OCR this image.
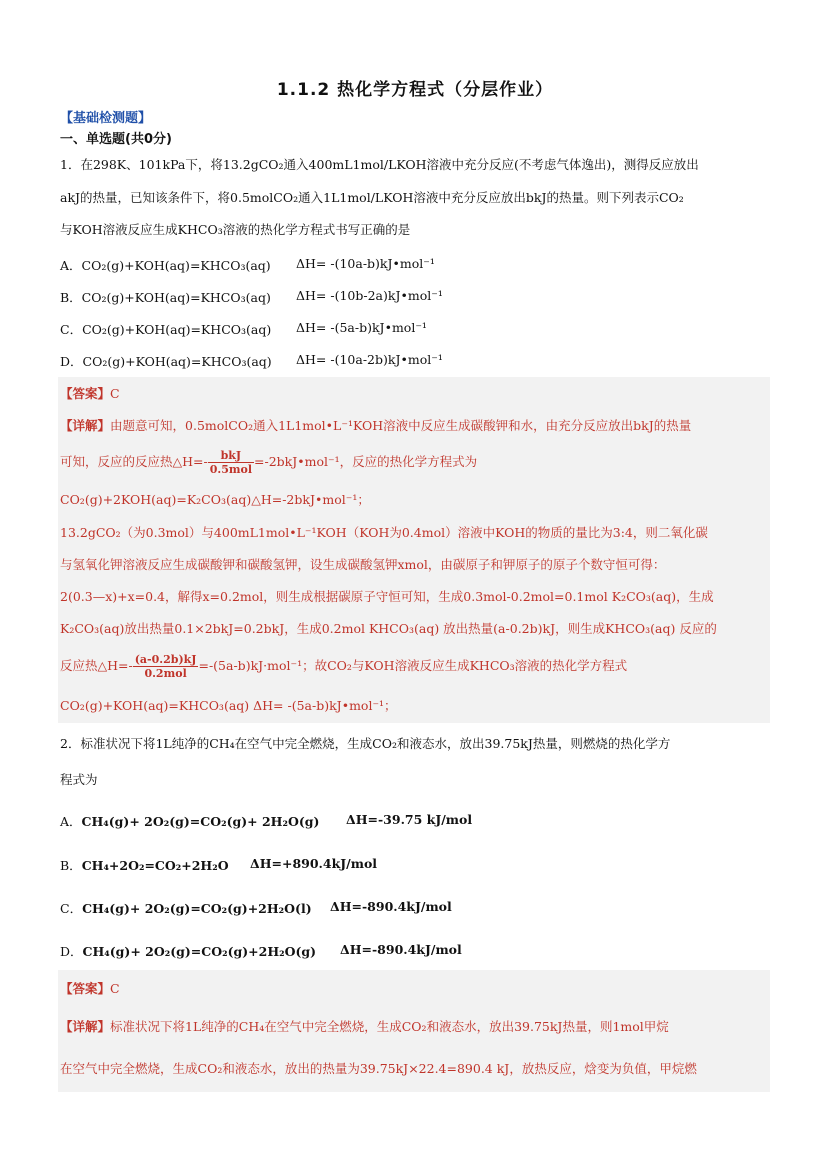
1.1.2 热化学方程式（分层作业）
【基础检测题】
一、单选题(共0分)
1．在298K、101kPa下，将13.2gCO₂通入400mL1mol/LKOH溶液中充分反应(不考虑气体逸出)，测得反应放出
akJ的热量，已知该条件下，将0.5molCO₂通入1L1mol/LKOH溶液中充分反应放出bkJ的热量。则下列表示CO₂
与KOH溶液反应生成KHCO₃溶液的热化学方程式书写正确的是
A．CO₂(g)+KOH(aq)=KHCO₃(aq) ΔH= -(10a-b)kJ•mol⁻¹
B．CO₂(g)+KOH(aq)=KHCO₃(aq) ΔH= -(10b-2a)kJ•mol⁻¹
C．CO₂(g)+KOH(aq)=KHCO₃(aq) ΔH= -(5a-b)kJ•mol⁻¹
D．CO₂(g)+KOH(aq)=KHCO₃(aq) ΔH= -(10a-2b)kJ•mol⁻¹
【答案】C
【详解】由题意可知，0.5molCO₂通入1L1mol•L⁻¹KOH溶液中反应生成碳酸钾和水，由充分反应放出bkJ的热量
可知，反应的反应热△H=- $\frac{\text{bkJ}}{\text{0.5mol}}$ =-2bkJ•mol⁻¹，反应的热化学方程式为
CO₂(g)+2KOH(aq)=K₂CO₃(aq)△H=-2bkJ•mol⁻¹；
13.2gCO₂（为0.3mol）与400mL1mol•L⁻¹KOH（KOH为0.4mol）溶液中KOH的物质的量比为3:4，则二氧化碳
与氢氧化钾溶液反应生成碳酸钾和碳酸氢钾，设生成碳酸氢钾xmol，由碳原子和钾原子的原子个数守恒可得：
2(0.3—x)+x=0.4，解得x=0.2mol，则生成根据碳原子守恒可知，生成0.3mol-0.2mol=0.1mol K₂CO₃(aq)，生成
K₂CO₃(aq)放出热量0.1×2bkJ=0.2bkJ，生成0.2mol KHCO₃(aq) 放出热量(a-0.2b)kJ，则生成KHCO₃(aq) 反应的
反应热△H=- $\frac{(a-0.2b)kJ}{\text{0.2mol}} =-(5a-b)kJ\cdot mol^{-1}$；故CO₂与KOH溶液反应生成KHCO₃溶液的热化学方程式
CO₂(g)+KOH(aq)=KHCO₃(aq) ΔH= -(5a-b)kJ•mol⁻¹；
2．标准状况下将1L纯净的CH₄在空气中完全燃烧，生成CO₂和液态水，放出39.75kJ热量，则燃烧的热化学方
程式为
A．CH₄(g)+ 2O₂(g)=CO₂(g)+ 2H₂O(g) ΔH=-39.75 kJ/mol
B．CH₄+2O₂=CO₂+2H₂O ΔH=+890.4kJ/mol
C．CH₄(g)+ 2O₂(g)=CO₂(g)+2H₂O(l) ΔH=-890.4kJ/mol
D．CH₄(g)+ 2O₂(g)=CO₂(g)+2H₂O(g) ΔH=-890.4kJ/mol
【答案】C
【详解】标准状况下将1L纯净的CH₄在空气中完全燃烧，生成CO₂和液态水，放出39.75kJ热量，则1mol甲烷
在空气中完全燃烧，生成CO₂和液态水，放出的热量为39.75kJ×22.4=890.4 kJ，放热反应，焓变为负值，甲烷燃
